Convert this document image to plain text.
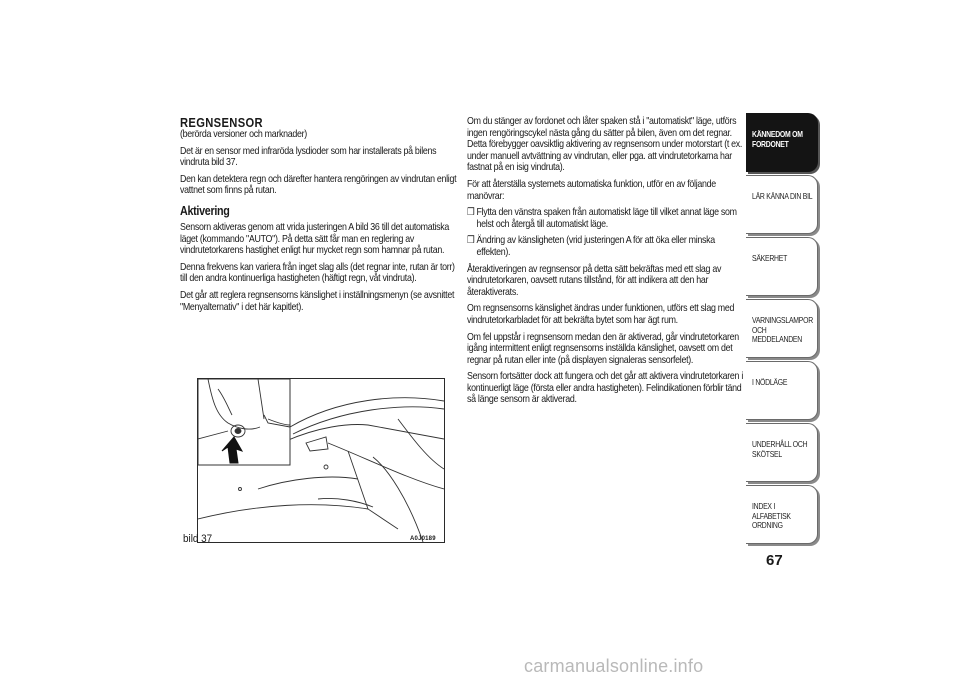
REGNSENSOR

(berörda versioner och marknader)

Det är en sensor med infraröda lysdioder som har installerats på bilens vindruta bild 37.

Den kan detektera regn och därefter hantera rengöringen av vindrutan enligt vattnet som finns på rutan.

Aktivering

Sensorn aktiveras genom att vrida justeringen A bild 36 till det automatiska läget (kommando "AUTO"). På detta sätt får man en reglering av vindrutetorkarens hastighet enligt hur mycket regn som hamnar på rutan.

Denna frekvens kan variera från inget slag alls (det regnar inte, rutan är torr) till den andra kontinuerliga hastigheten (häftigt regn, våt vindruta).

Det går att reglera regnsensorns känslighet i inställningsmenyn (se avsnittet "Menyalternativ" i det här kapitlet).

bild 37	A0J0189

Om du stänger av fordonet och låter spaken stå i "automatiskt" läge, utförs ingen rengöringscykel nästa gång du sätter på bilen, även om det regnar. Detta förebygger oavsiktlig aktivering av regnsensorn under motorstart (t ex. under manuell avtvättning av vindrutan, eller pga. att vindrutetorkarna har fastnat på en isig vindruta).

För att återställa systemets automatiska funktion, utför en av följande manövrar:

❒ Flytta den vänstra spaken från automatiskt läge till vilket annat läge som helst och återgå till automatiskt läge.

❒ Ändring av känsligheten (vrid justeringen A för att öka eller minska effekten).

Återaktiveringen av regnsensor på detta sätt bekräftas med ett slag av vindrutetorkaren, oavsett rutans tillstånd, för att indikera att den har återaktiverats.

Om regnsensorns känslighet ändras under funktionen, utförs ett slag med vindrutetorkarbladet för att bekräfta bytet som har ägt rum.

Om fel uppstår i regnsensorn medan den är aktiverad, går vindrutetorkaren igång intermittent enligt regnsensorns inställda känslighet, oavsett om det regnar på rutan eller inte (på displayen signaleras sensorfelet).

Sensorn fortsätter dock att fungera och det går att aktivera vindrutetorkaren i kontinuerligt läge (första eller andra hastigheten). Felindikationen förblir tänd så länge sensorn är aktiverad.

KÄNNEDOM OM FORDONET
LÄR KÄNNA DIN BIL
SÄKERHET
VARNINGSLAMPOR OCH MEDDELANDEN
I NÖDLÄGE
UNDERHÅLL OCH SKÖTSEL
INDEX I ALFABETISK ORDNING
67
carmanualsonline.info
